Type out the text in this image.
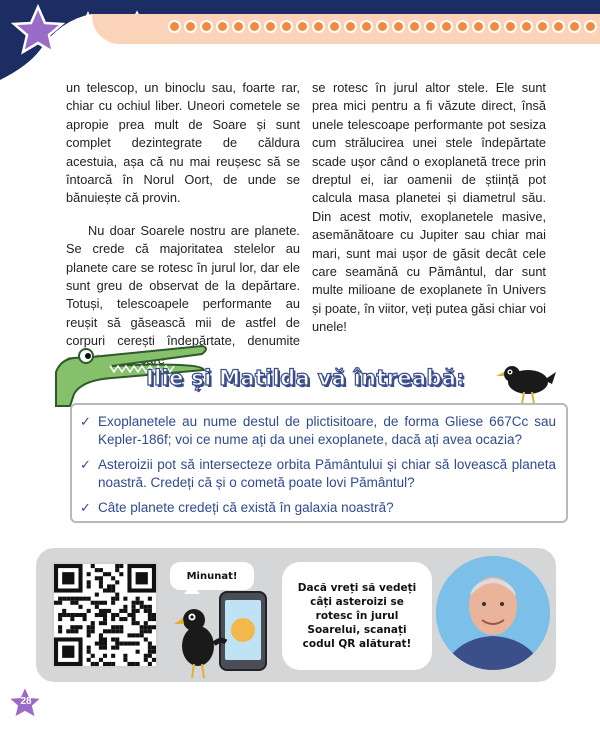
un telescop, un binoclu sau, foarte rar, chiar cu ochiul liber. Uneori cometele se apropie prea mult de Soare și sunt complet dezintegrate de căldura acestuia, așa că nu mai reușesc să se întoarcă în Norul Oort, de unde se bănuiește că provin.

Nu doar Soarele nostru are planete. Se crede că majoritatea stelelor au planete care se rotesc în jurul lor, dar ele sunt greu de observat de la depărtare. Totuși, telescoapele performante au reușit să găsească mii de astfel de corpuri cerești îndepărtate, denumite

se rotesc în jurul altor stele. Ele sunt prea mici pentru a fi văzute direct, însă unele telescoape performante pot sesiza cum strălucirea unei stele îndepărtate scade ușor când o exoplanetă trece prin dreptul ei, iar oamenii de știință pot calcula masa planetei și diametrul său. Din acest motiv, exoplanetele masive, asemănătoare cu Jupiter sau chiar mai mari, sunt mai ușor de găsit decât cele care seamănă cu Pământul, dar sunt multe milioane de exoplanete în Univers și poate, în viitor, veți putea găsi chiar voi unele!

Ilie și Matilda vă întreabă:
✓ Exoplanetele au nume destul de plictisitoare, de forma Gliese 667Cc sau Kepler-186f; voi ce nume ați da unei exoplanete, dacă ați avea ocazia?
✓ Asteroizii pot să intersecteze orbita Pământului și chiar să lovească planeta noastră. Credeți că și o cometă poate lovi Pământul?
✓ Câte planete credeți că există în galaxia noastră?
Minunat!
Dacă vreți să vedeți câți asteroizi se rotesc în jurul Soarelui, scanați codul QR alăturat!
28
